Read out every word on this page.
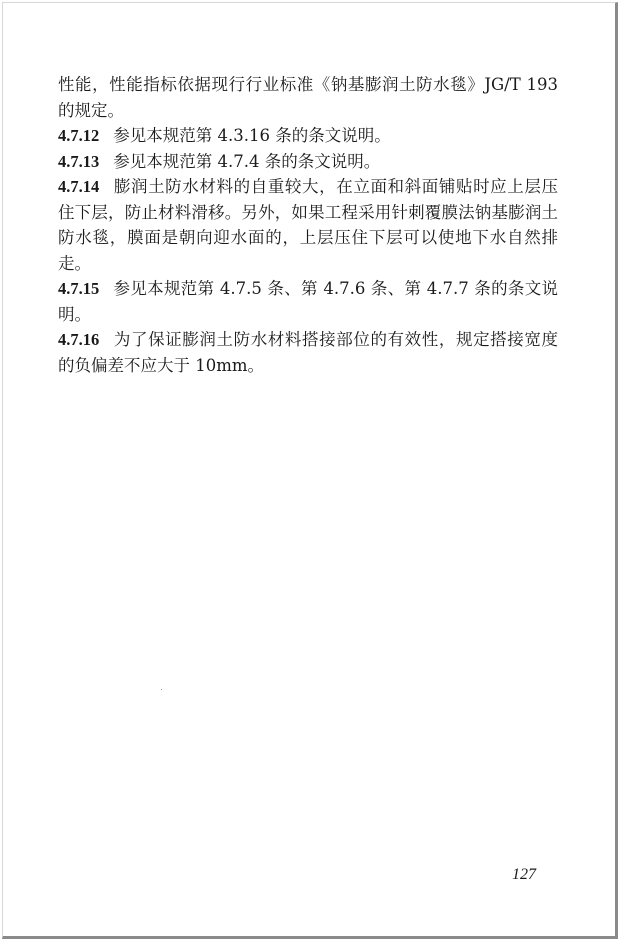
性能，性能指标依据现行行业标准《钠基膨润土防水毯》JG/T 193的规定。

4.7.12 参见本规范第 4.3.16 条的条文说明。

4.7.13 参见本规范第 4.7.4 条的条文说明。

4.7.14 膨润土防水材料的自重较大，在立面和斜面铺贴时应上层压住下层，防止材料滑移。另外，如果工程采用针刺覆膜法钠基膨润土防水毯，膜面是朝向迎水面的，上层压住下层可以使地下水自然排走。

4.7.15 参见本规范第 4.7.5 条、第 4.7.6 条、第 4.7.7 条的条文说明。

4.7.16 为了保证膨润土防水材料搭接部位的有效性，规定搭接宽度的负偏差不应大于 10mm。

127
